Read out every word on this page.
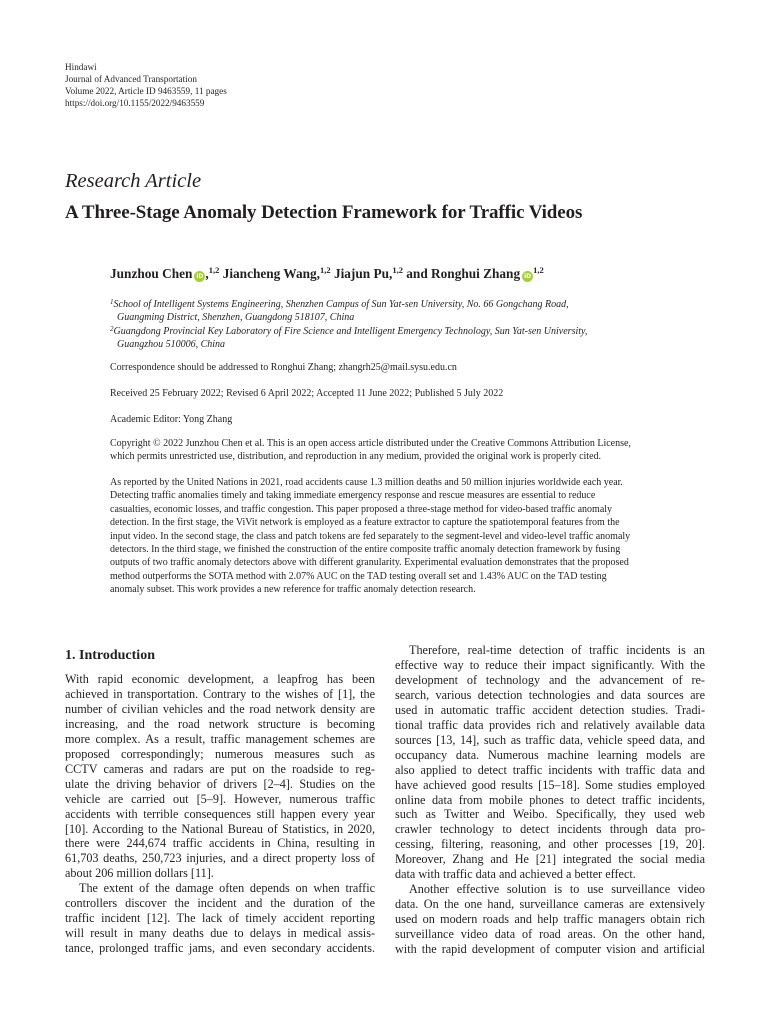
Hindawi
Journal of Advanced Transportation
Volume 2022, Article ID 9463559, 11 pages
https://doi.org/10.1155/2022/9463559
Research Article
A Three-Stage Anomaly Detection Framework for Traffic Videos
Junzhou Chen iD ,$^{1,2}$ Jiancheng Wang,$^{1,2}$ Jiajun Pu,$^{1,2}$ and Ronghui Zhang iD$^{1,2}$
$^1$School of Intelligent Systems Engineering, Shenzhen Campus of Sun Yat-sen University, No. 66 Gongchang Road,
Guangming District, Shenzhen, Guangdong 518107, China
$^2$Guangdong Provincial Key Laboratory of Fire Science and Intelligent Emergency Technology, Sun Yat-sen University,
Guangzhou 510006, China
Correspondence should be addressed to Ronghui Zhang; zhangrh25@mail.sysu.edu.cn
Received 25 February 2022; Revised 6 April 2022; Accepted 11 June 2022; Published 5 July 2022
Academic Editor: Yong Zhang
Copyright © 2022 Junzhou Chen et al. This is an open access article distributed under the Creative Commons Attribution License,
which permits unrestricted use, distribution, and reproduction in any medium, provided the original work is properly cited.
As reported by the United Nations in 2021, road accidents cause 1.3 million deaths and 50 million injuries worldwide each year.
Detecting traffic anomalies timely and taking immediate emergency response and rescue measures are essential to reduce
casualties, economic losses, and traffic congestion. This paper proposed a three-stage method for video-based traffic anomaly
detection. In the first stage, the ViVit network is employed as a feature extractor to capture the spatiotemporal features from the
input video. In the second stage, the class and patch tokens are fed separately to the segment-level and video-level traffic anomaly
detectors. In the third stage, we finished the construction of the entire composite traffic anomaly detection framework by fusing
outputs of two traffic anomaly detectors above with different granularity. Experimental evaluation demonstrates that the proposed
method outperforms the SOTA method with 2.07% AUC on the TAD testing overall set and 1.43% AUC on the TAD testing
anomaly subset. This work provides a new reference for traffic anomaly detection research.
1. Introduction
With rapid economic development, a leapfrog has been
achieved in transportation. Contrary to the wishes of [1], the
number of civilian vehicles and the road network density are
increasing, and the road network structure is becoming
more complex. As a result, traffic management schemes are
proposed correspondingly; numerous measures such as
CCTV cameras and radars are put on the roadside to reg-
ulate the driving behavior of drivers [2–4]. Studies on the
vehicle are carried out [5–9]. However, numerous traffic
accidents with terrible consequences still happen every year
[10]. According to the National Bureau of Statistics, in 2020,
there were 244,674 traffic accidents in China, resulting in
61,703 deaths, 250,723 injuries, and a direct property loss of
about 206 million dollars [11].
The extent of the damage often depends on when traffic
controllers discover the incident and the duration of the
traffic incident [12]. The lack of timely accident reporting
will result in many deaths due to delays in medical assis-
tance, prolonged traffic jams, and even secondary accidents.
Therefore, real-time detection of traffic incidents is an
effective way to reduce their impact significantly. With the
development of technology and the advancement of re-
search, various detection technologies and data sources are
used in automatic traffic accident detection studies. Tradi-
tional traffic data provides rich and relatively available data
sources [13, 14], such as traffic data, vehicle speed data, and
occupancy data. Numerous machine learning models are
also applied to detect traffic incidents with traffic data and
have achieved good results [15–18]. Some studies employed
online data from mobile phones to detect traffic incidents,
such as Twitter and Weibo. Specifically, they used web
crawler technology to detect incidents through data pro-
cessing, filtering, reasoning, and other processes [19, 20].
Moreover, Zhang and He [21] integrated the social media
data with traffic data and achieved a better effect.
Another effective solution is to use surveillance video
data. On the one hand, surveillance cameras are extensively
used on modern roads and help traffic managers obtain rich
surveillance video data of road areas. On the other hand,
with the rapid development of computer vision and artificial
